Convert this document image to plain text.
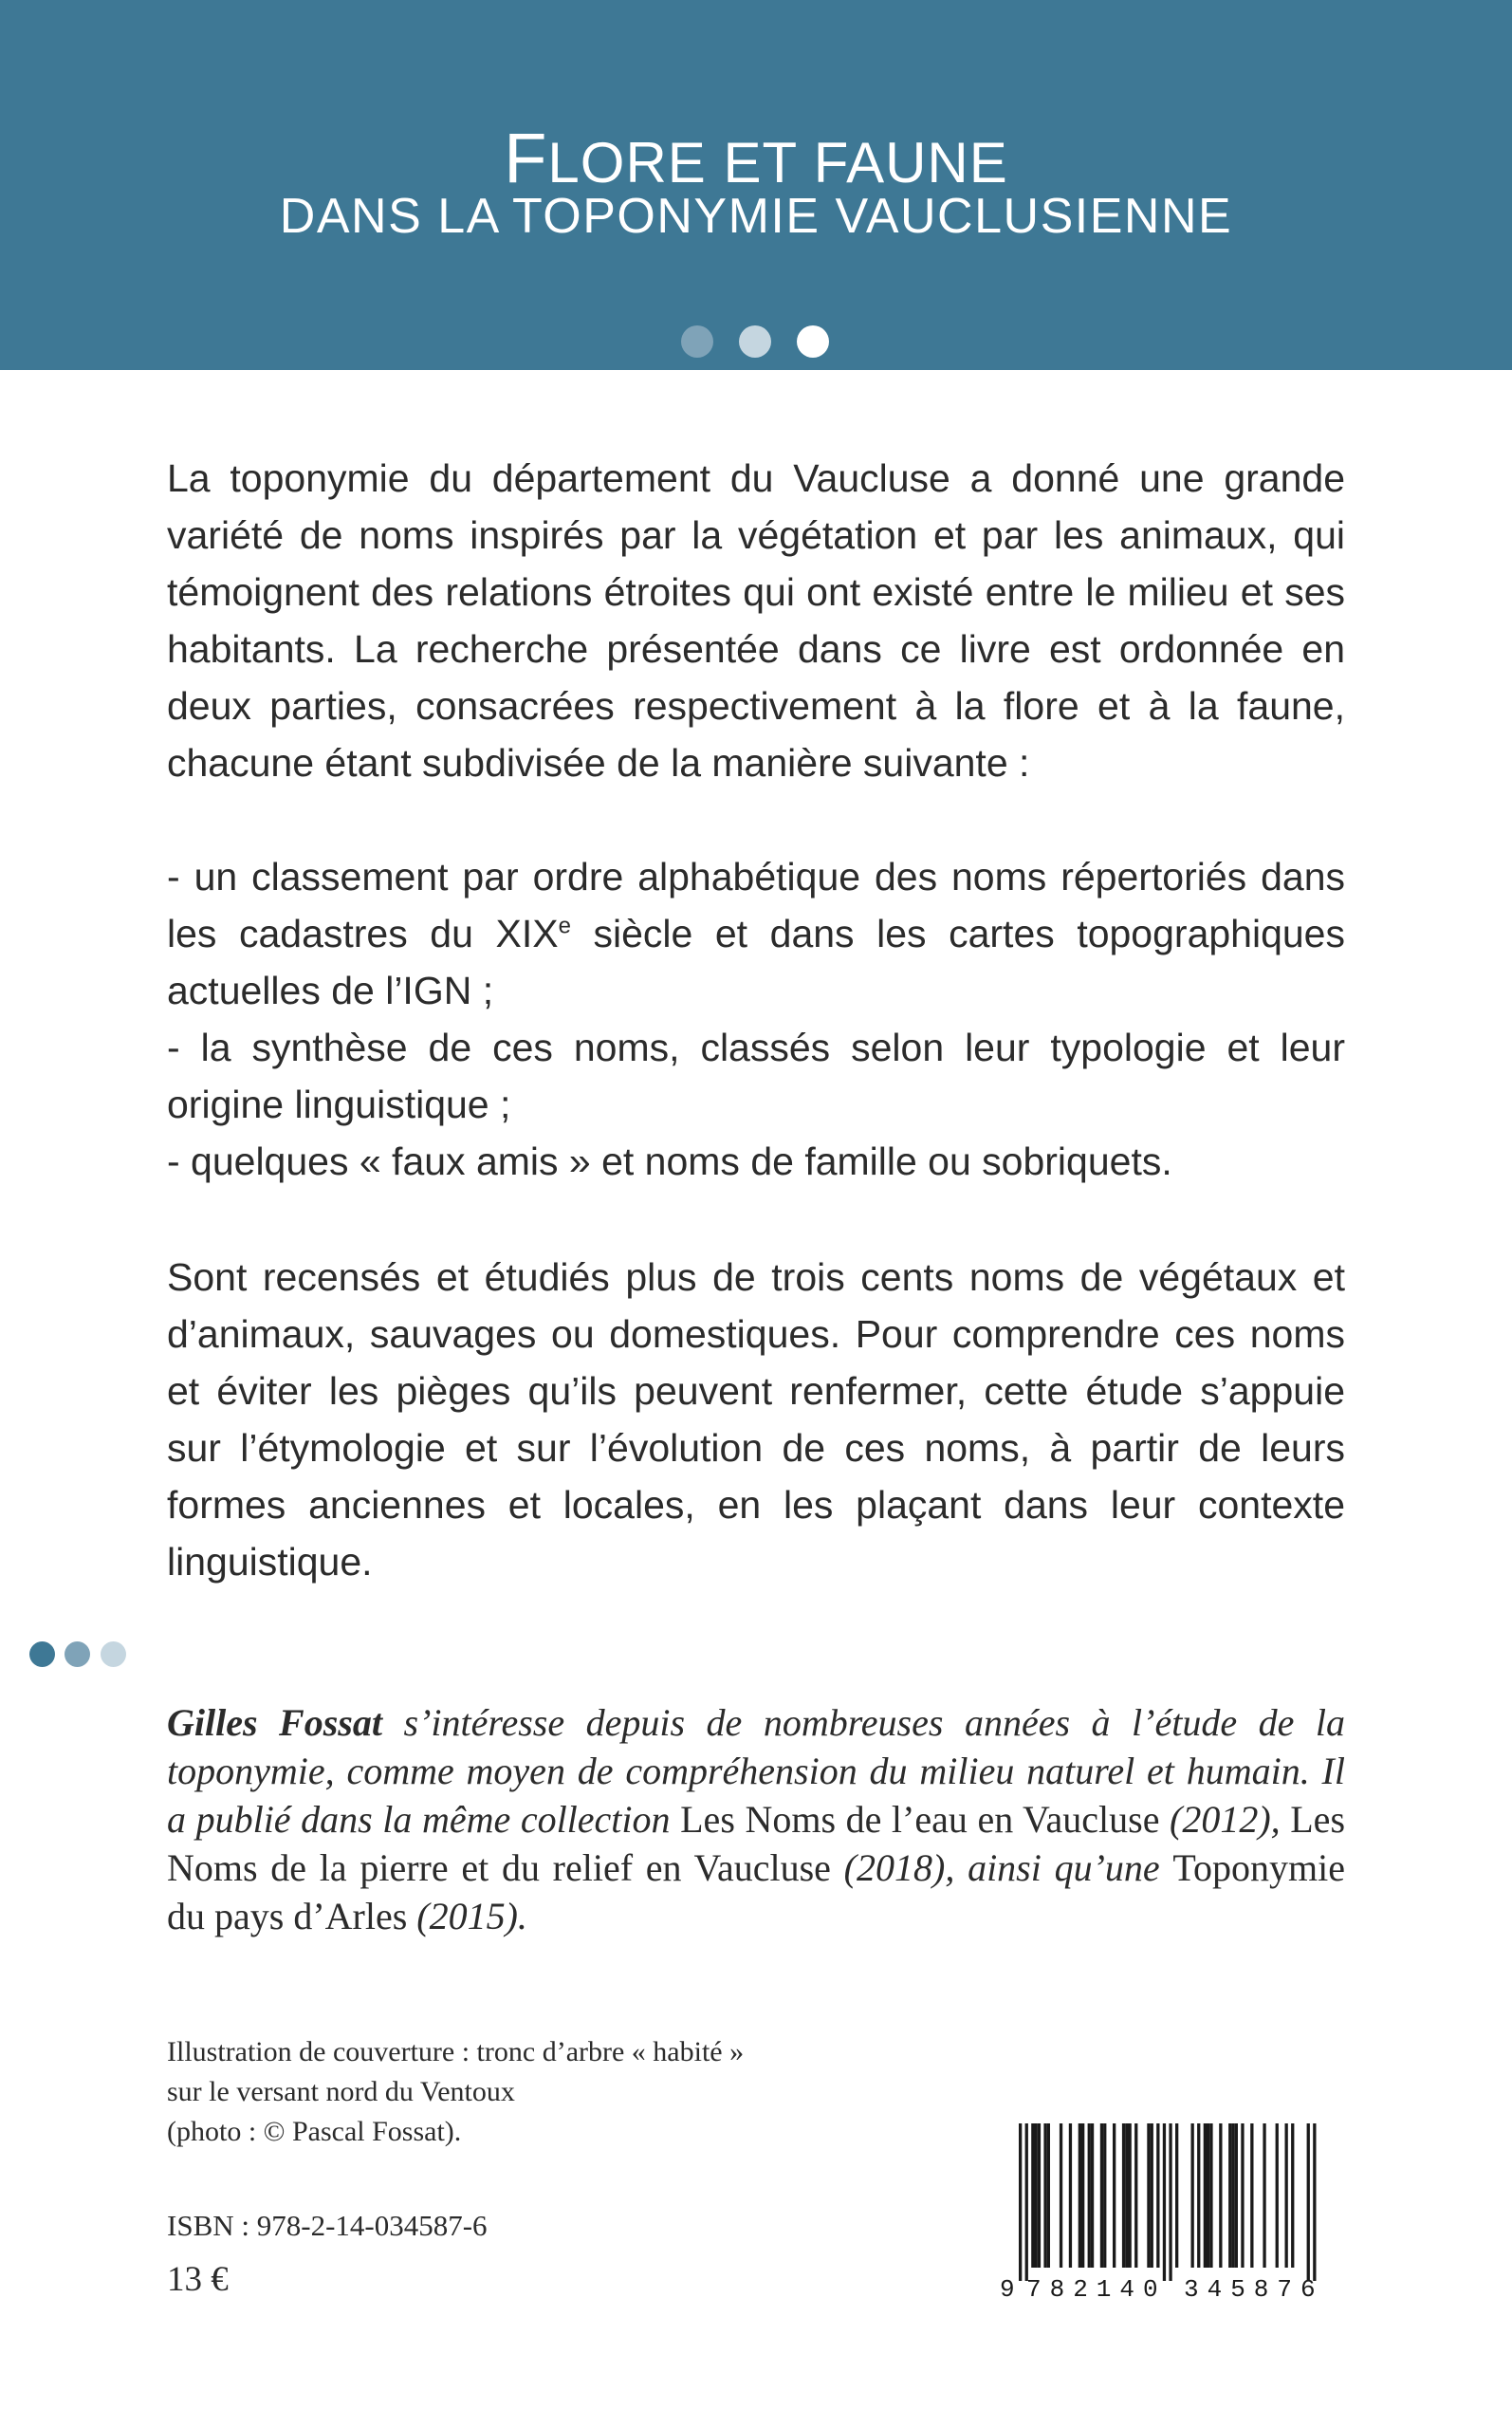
FLORE ET FAUNE
DANS LA TOPONYMIE VAUCLUSIENNE

La toponymie du département du Vaucluse a donné une grande variété de noms inspirés par la végétation et par les animaux, qui témoignent des relations étroites qui ont existé entre le milieu et ses habitants. La recherche présentée dans ce livre est ordonnée en deux parties, consacrées respectivement à la flore et à la faune, chacune étant subdivisée de la manière suivante :

- un classement par ordre alphabétique des noms répertoriés dans les cadastres du XIXe siècle et dans les cartes topographiques actuelles de l’IGN ;
- la synthèse de ces noms, classés selon leur typologie et leur origine linguistique ;
- quelques « faux amis » et noms de famille ou sobriquets.

Sont recensés et étudiés plus de trois cents noms de végétaux et d’animaux, sauvages ou domestiques. Pour comprendre ces noms et éviter les pièges qu’ils peuvent renfermer, cette étude s’appuie sur l’étymologie et sur l’évolution de ces noms, à partir de leurs formes anciennes et locales, en les plaçant dans leur contexte linguistique.

Gilles Fossat s’intéresse depuis de nombreuses années à l’étude de la toponymie, comme moyen de compréhension du milieu naturel et humain. Il a publié dans la même collection Les Noms de l’eau en Vaucluse (2012), Les Noms de la pierre et du relief en Vaucluse (2018), ainsi qu’une Toponymie du pays d’Arles (2015).

Illustration de couverture : tronc d’arbre « habité »
sur le versant nord du Ventoux
(photo : © Pascal Fossat).

ISBN : 978-2-14-034587-6

13 €	9 782140 345876
